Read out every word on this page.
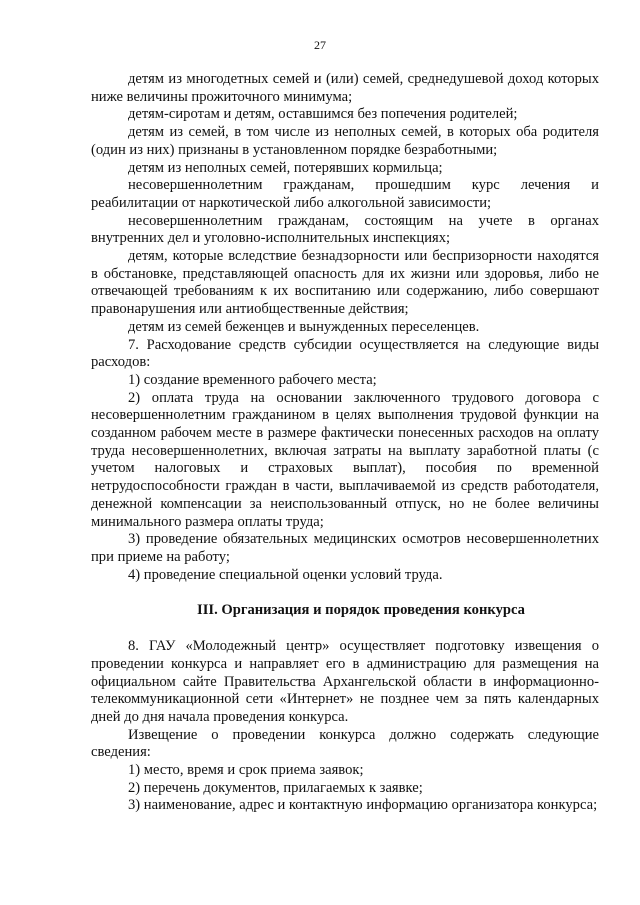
27

детям из многодетных семей и (или) семей, среднедушевой доход которых ниже величины прожиточного минимума;

детям-сиротам и детям, оставшимся без попечения родителей;

детям из семей, в том числе из неполных семей, в которых оба родителя (один из них) признаны в установленном порядке безработными;

детям из неполных семей, потерявших кормильца;

несовершеннолетним гражданам, прошедшим курс лечения и реабилитации от наркотической либо алкогольной зависимости;

несовершеннолетним гражданам, состоящим на учете в органах внутренних дел и уголовно-исполнительных инспекциях;

детям, которые вследствие безнадзорности или беспризорности находятся в обстановке, представляющей опасность для их жизни или здоровья, либо не отвечающей требованиям к их воспитанию или содержанию, либо совершают правонарушения или антиобщественные действия;

детям из семей беженцев и вынужденных переселенцев.

7. Расходование средств субсидии осуществляется на следующие виды расходов:

1) создание временного рабочего места;

2) оплата труда на основании заключенного трудового договора с несовершеннолетним гражданином в целях выполнения трудовой функции на созданном рабочем месте в размере фактически понесенных расходов на оплату труда несовершеннолетних, включая затраты на выплату заработной платы (с учетом налоговых и страховых выплат), пособия по временной нетрудоспособности граждан в части, выплачиваемой из средств работодателя, денежной компенсации за неиспользованный отпуск, но не более величины минимального размера оплаты труда;

3) проведение обязательных медицинских осмотров несовершеннолетних при приеме на работу;

4) проведение специальной оценки условий труда.

III. Организация и порядок проведения конкурса

8. ГАУ «Молодежный центр» осуществляет подготовку извещения о проведении конкурса и направляет его в администрацию для размещения на официальном сайте Правительства Архангельской области в информационно-телекоммуникационной сети «Интернет» не позднее чем за пять календарных дней до дня начала проведения конкурса.

Извещение о проведении конкурса должно содержать следующие сведения:

1) место, время и срок приема заявок;

2) перечень документов, прилагаемых к заявке;

3) наименование, адрес и контактную информацию организатора конкурса;
